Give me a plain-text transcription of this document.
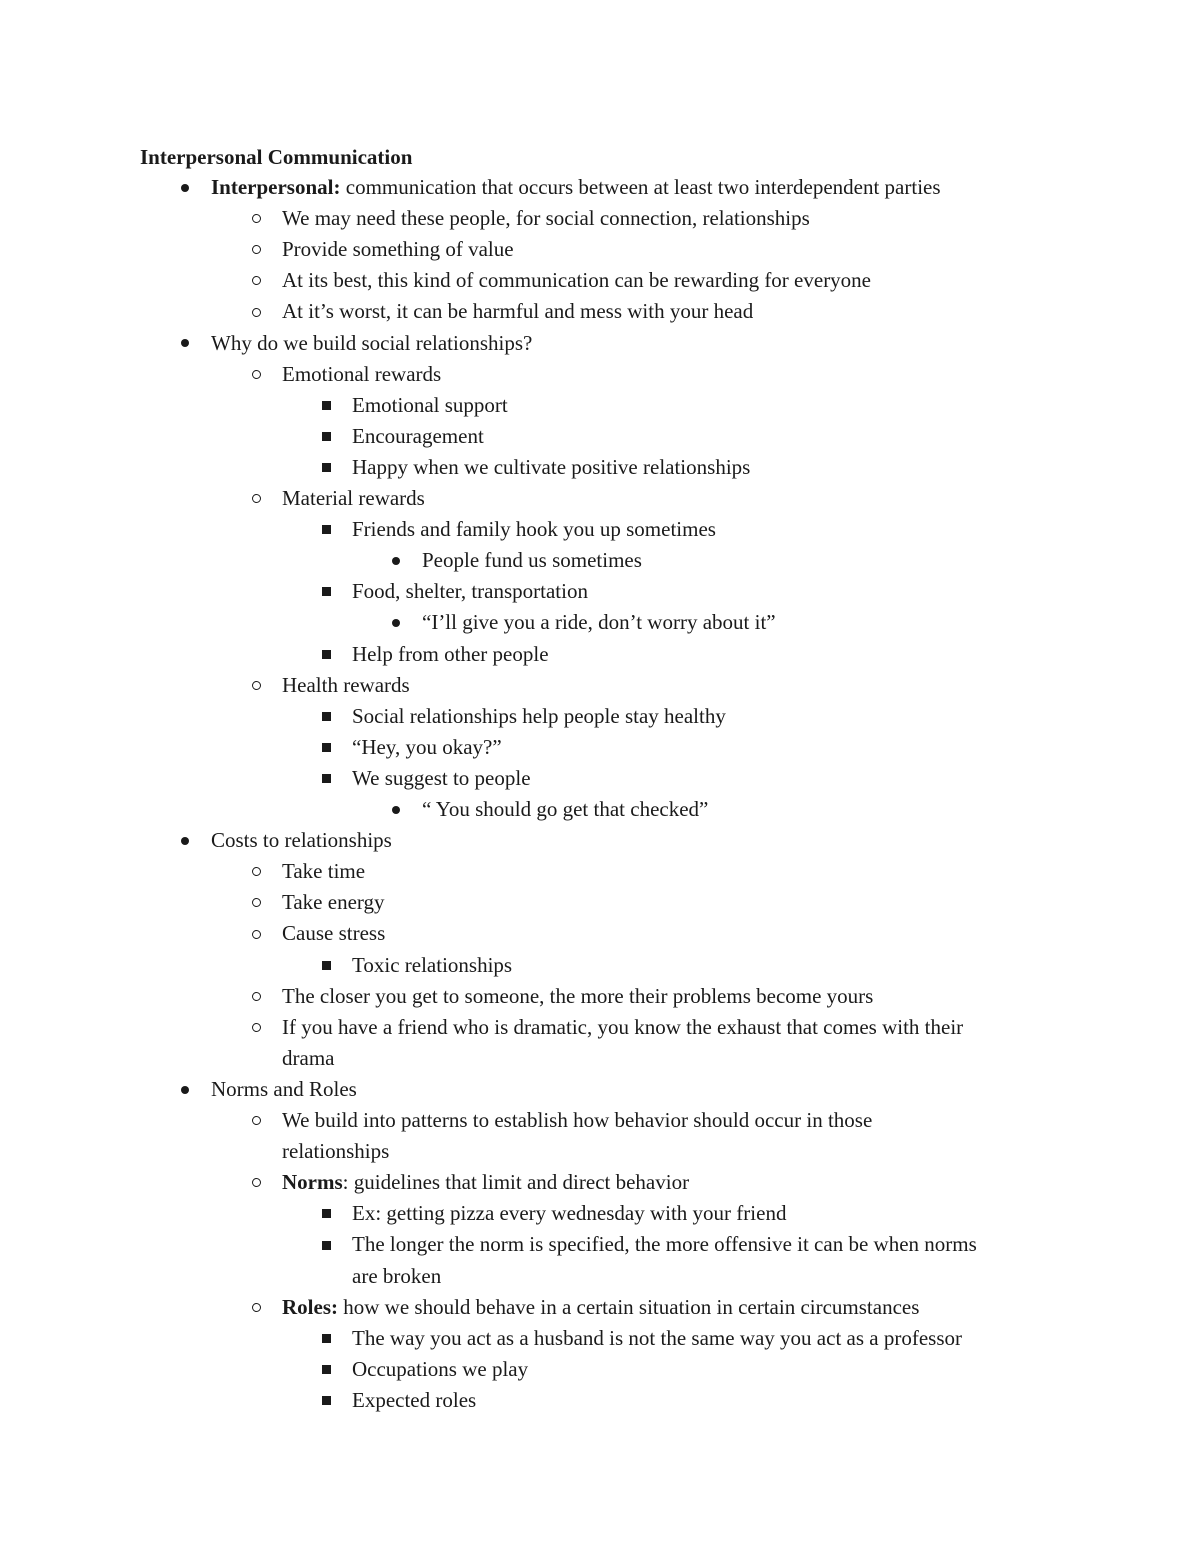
Interpersonal Communication
Interpersonal: communication that occurs between at least two interdependent parties
We may need these people, for social connection, relationships
Provide something of value
At its best, this kind of communication can be rewarding for everyone
At it’s worst, it can be harmful and mess with your head
Why do we build social relationships?
Emotional rewards
Emotional support
Encouragement
Happy when we cultivate positive relationships
Material rewards
Friends and family hook you up sometimes
People fund us sometimes
Food, shelter, transportation
“I’ll give you a ride, don’t worry about it”
Help from other people
Health rewards
Social relationships help people stay healthy
“Hey, you okay?”
We suggest to people
“ You should go get that checked”
Costs to relationships
Take time
Take energy
Cause stress
Toxic relationships
The closer you get to someone, the more their problems become yours
If you have a friend who is dramatic, you know the exhaust that comes with their
drama
Norms and Roles
We build into patterns to establish how behavior should occur in those
relationships
Norms: guidelines that limit and direct behavior
Ex: getting pizza every wednesday with your friend
The longer the norm is specified, the more offensive it can be when norms
are broken
Roles: how we should behave in a certain situation in certain circumstances
The way you act as a husband is not the same way you act as a professor
Occupations we play
Expected roles
